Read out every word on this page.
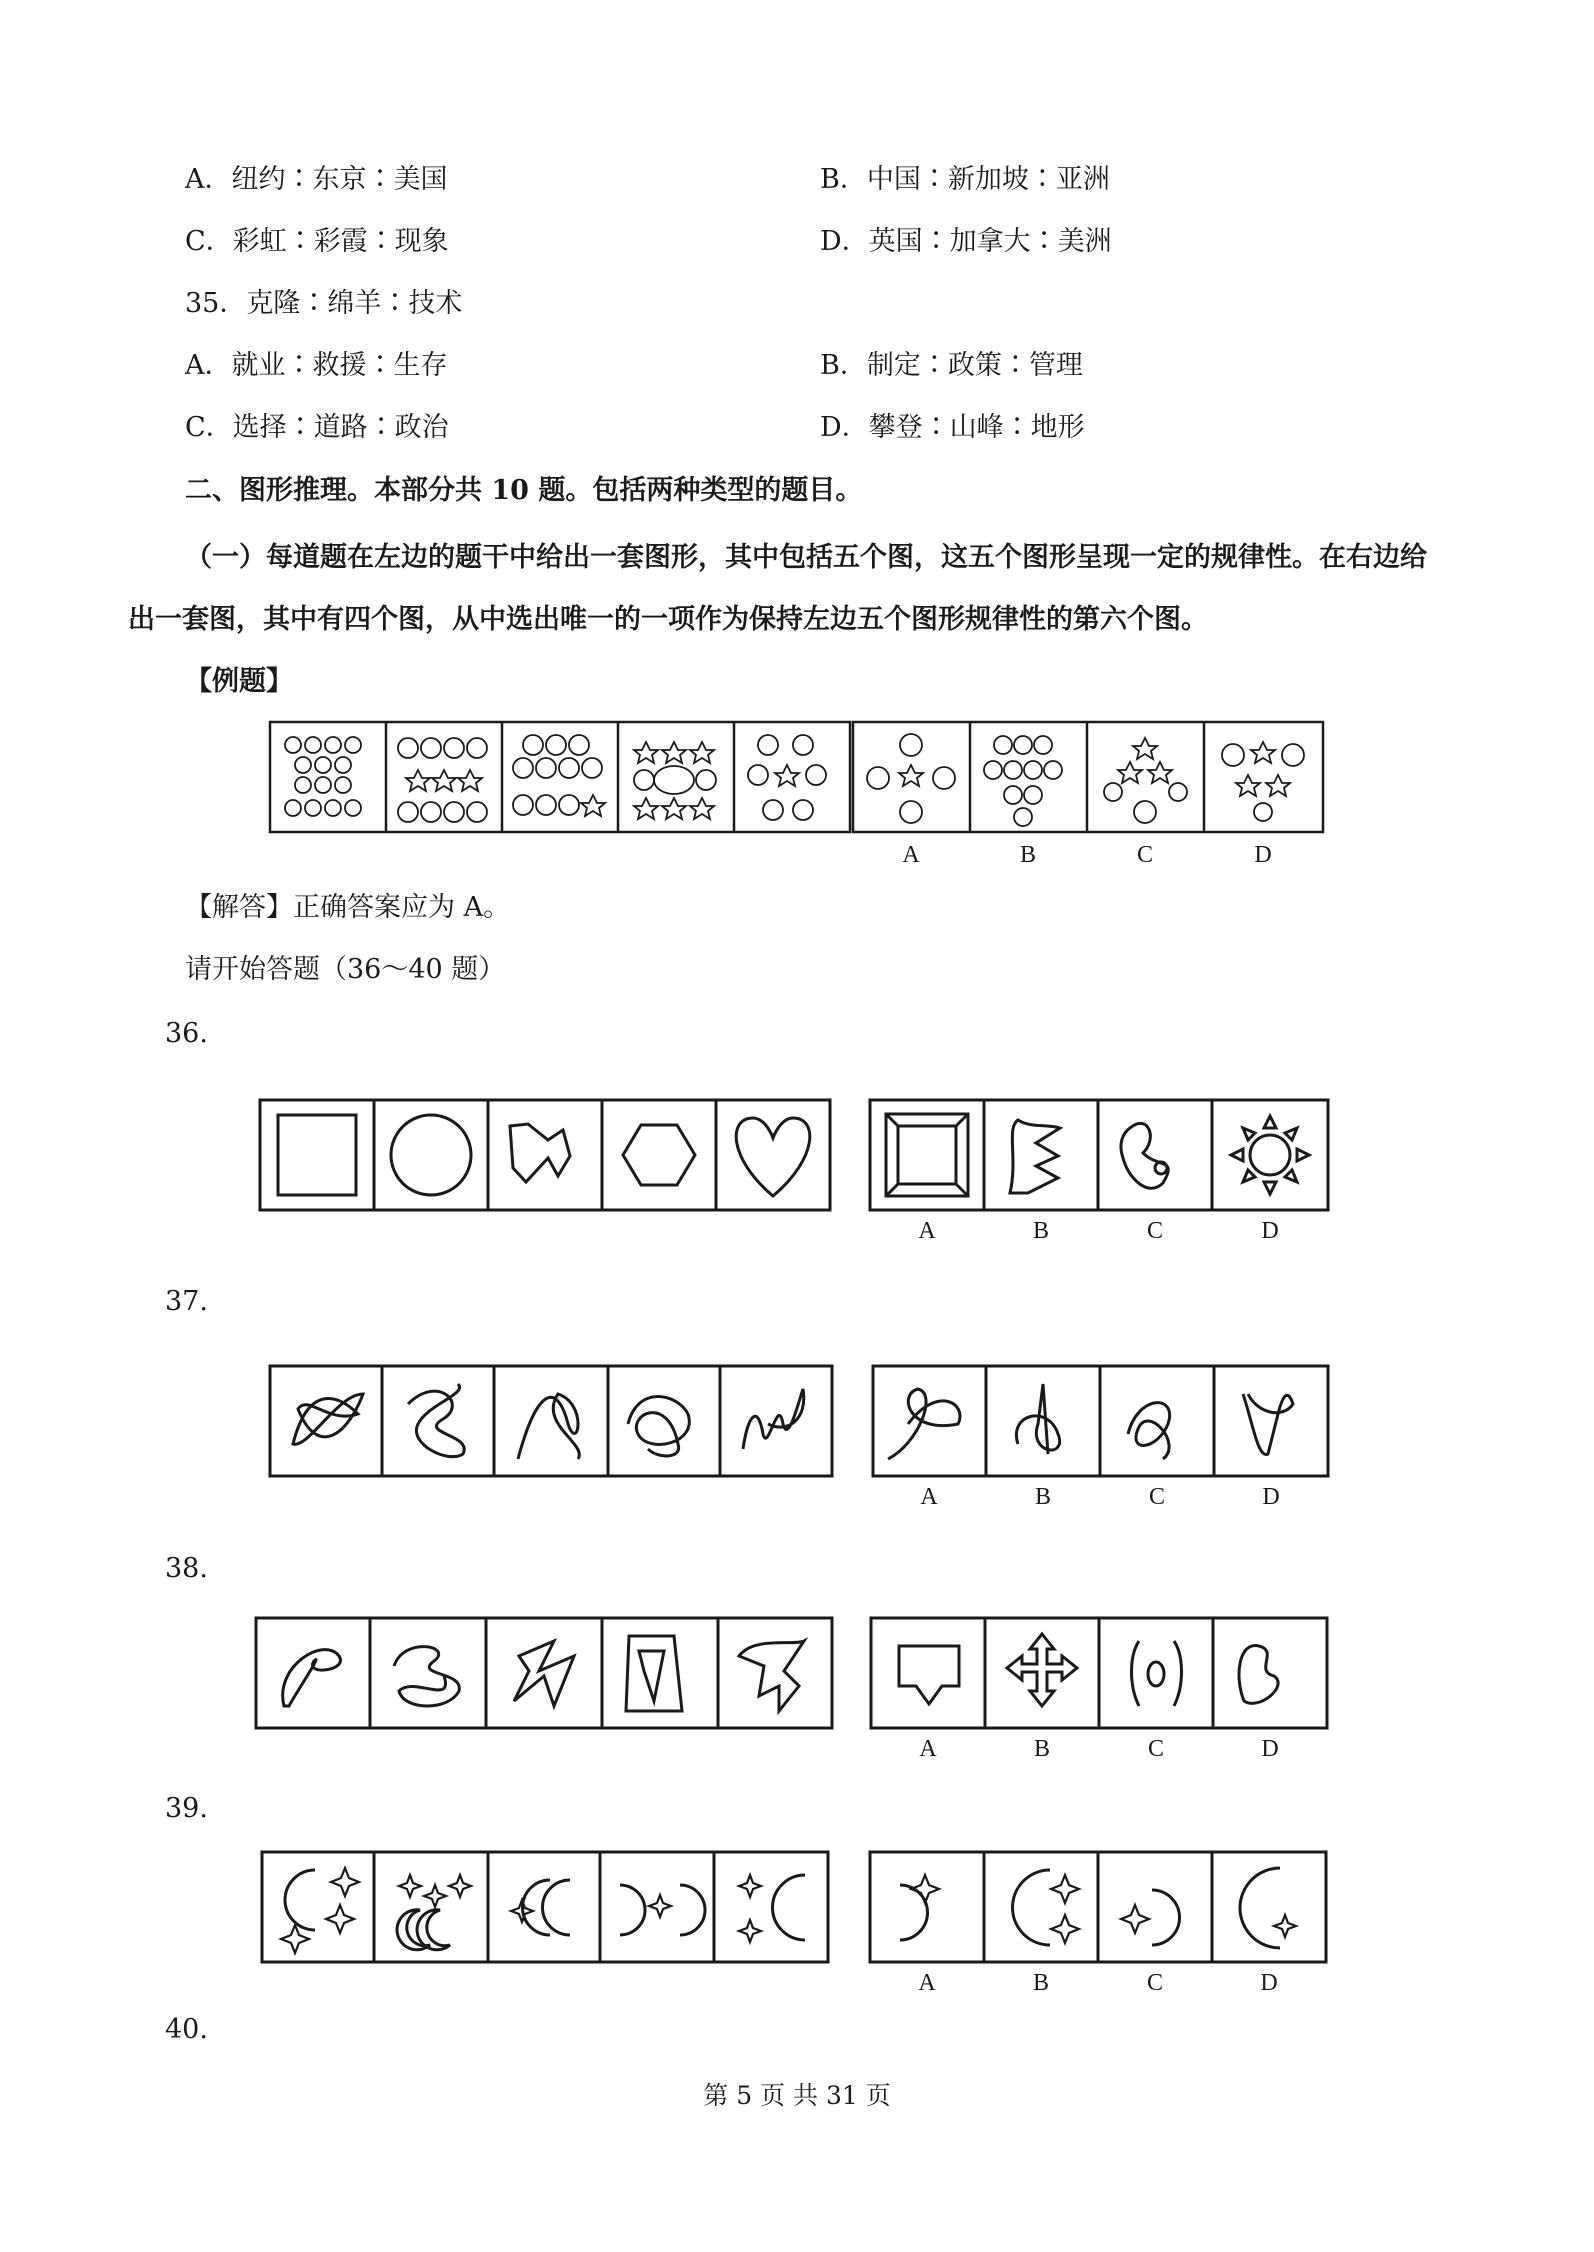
A．纽约∶东京∶美国	B．中国∶新加坡∶亚洲
C．彩虹∶彩霞∶现象	D．英国∶加拿大∶美洲
35．克隆∶绵羊∶技术
A．就业∶救援∶生存	B．制定∶政策∶管理
C．选择∶道路∶政治	D．攀登∶山峰∶地形
二、图形推理。本部分共 10 题。包括两种类型的题目。
（一）每道题在左边的题干中给出一套图形，其中包括五个图，这五个图形呈现一定的规律性。在右边给
出一套图，其中有四个图，从中选出唯一的一项作为保持左边五个图形规律性的第六个图。
【例题】
A	B	C	D
【解答】正确答案应为 A。
请开始答题（36～40 题）
36.
A	B	C	D
37.
A	B	C	D
38.
A	B	C	D
39.
A	B	C	D
40.
第 5 页 共 31 页
